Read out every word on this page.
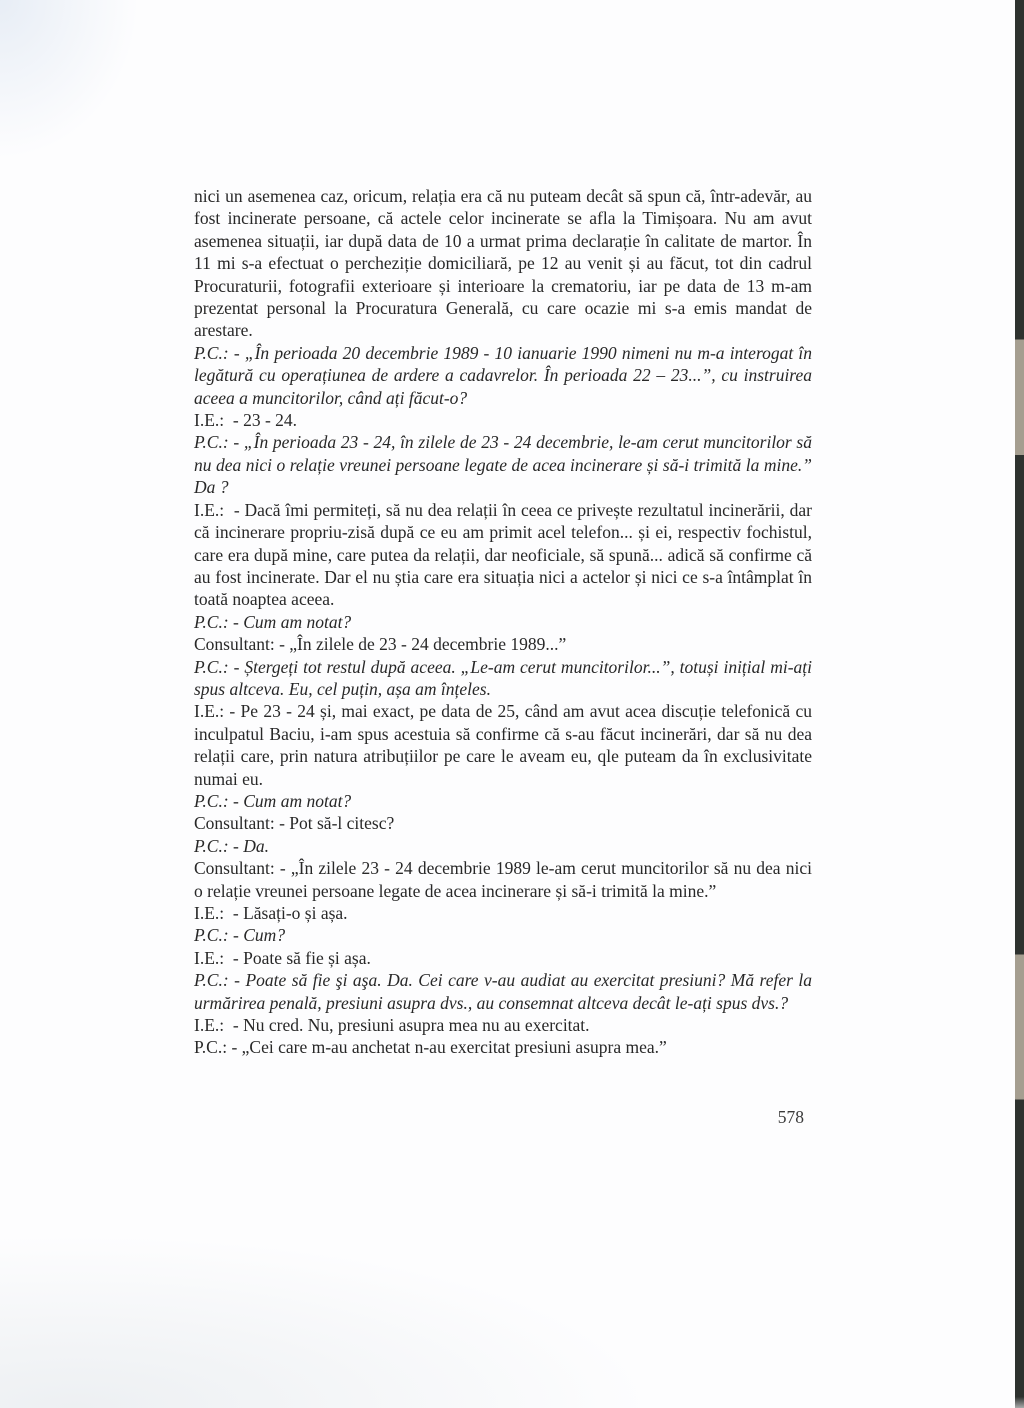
nici un asemenea caz, oricum, relația era că nu puteam decât să spun că, într-adevăr, au fost incinerate persoane, că actele celor incinerate se afla la Timișoara. Nu am avut asemenea situații, iar după data de 10 a urmat prima declarație în calitate de martor. În 11 mi s-a efectuat o percheziție domiciliară, pe 12 au venit și au făcut, tot din cadrul Procuraturii, fotografii exterioare și interioare la crematoriu, iar pe data de 13 m-am prezentat personal la Procuratura Generală, cu care ocazie mi s-a emis mandat de arestare.

P.C.: - „În perioada 20 decembrie 1989 - 10 ianuarie 1990 nimeni nu m-a interogat în legătură cu operațiunea de ardere a cadavrelor. În perioada 22 – 23...”, cu instruirea aceea a muncitorilor, când ați făcut-o?

I.E.:  - 23 - 24.

P.C.: - „În perioada 23 - 24, în zilele de 23 - 24 decembrie, le-am cerut muncitorilor să nu dea nici o relație vreunei persoane legate de acea incinerare și să-i trimită la mine.” Da ?

I.E.:  - Dacă îmi permiteți, să nu dea relații în ceea ce privește rezultatul incinerării, dar că incinerare propriu-zisă după ce eu am primit acel telefon... și ei, respectiv fochistul, care era după mine, care putea da relații, dar neoficiale, să spună... adică să confirme că au fost incinerate. Dar el nu știa care era situația nici a actelor și nici ce s-a întâmplat în toată noaptea aceea.

P.C.: - Cum am notat?

Consultant: - „În zilele de 23 - 24 decembrie 1989...”

P.C.: - Ștergeți tot restul după aceea. „Le-am cerut muncitorilor...”, totuși inițial mi-ați spus altceva. Eu, cel puțin, așa am înțeles.

I.E.: - Pe 23 - 24 și, mai exact, pe data de 25, când am avut acea discuție telefonică cu inculpatul Baciu, i-am spus acestuia să confirme că s-au făcut incinerări, dar să nu dea relații care, prin natura atribuțiilor pe care le aveam eu, qle puteam da în exclusivitate numai eu.

P.C.: - Cum am notat?

Consultant: - Pot să-l citesc?

P.C.: - Da.

Consultant: - „În zilele 23 - 24 decembrie 1989 le-am cerut muncitorilor să nu dea nici o relație vreunei persoane legate de acea incinerare și să-i trimită la mine.”

I.E.:  - Lăsați-o și așa.

P.C.: - Cum?

I.E.:  - Poate să fie și așa.

P.C.: - Poate să fie şi aşa. Da. Cei care v-au audiat au exercitat presiuni? Mă refer la urmărirea penală, presiuni asupra dvs., au consemnat altceva decât le-ați spus dvs.?

I.E.:  - Nu cred. Nu, presiuni asupra mea nu au exercitat.

P.C.: - „Cei care m-au anchetat n-au exercitat presiuni asupra mea.”

578
